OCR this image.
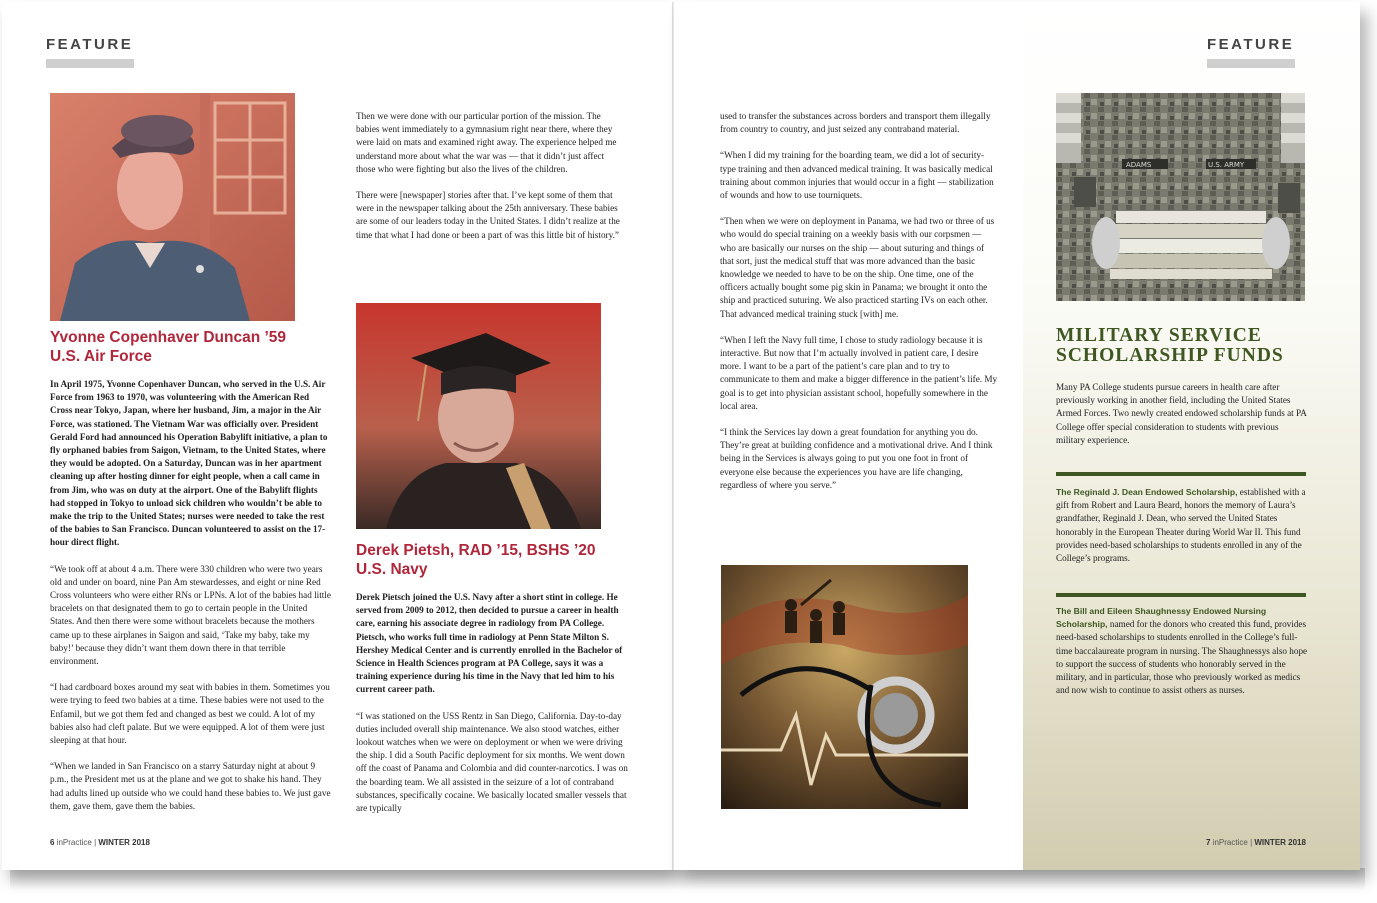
FEATURE
Yvonne Copenhaver Duncan ’59
U.S. Air Force

In April 1975, Yvonne Copenhaver Duncan, who served in the U.S. Air Force from 1963 to 1970, was volunteering with the American Red Cross near Tokyo, Japan, where her husband, Jim, a major in the Air Force, was stationed. The Vietnam War was officially over. President Gerald Ford had announced his Operation Babylift initiative, a plan to fly orphaned babies from Saigon, Vietnam, to the United States, where they would be adopted. On a Saturday, Duncan was in her apartment cleaning up after hosting dinner for eight people, when a call came in from Jim, who was on duty at the airport. One of the Babylift flights had stopped in Tokyo to unload sick children who wouldn’t be able to make the trip to the United States; nurses were needed to take the rest of the babies to San Francisco. Duncan volunteered to assist on the 17-hour direct flight.

“We took off at about 4 a.m. There were 330 children who were two years old and under on board, nine Pan Am stewardesses, and eight or nine Red Cross volunteers who were either RNs or LPNs. A lot of the babies had little bracelets on that designated them to go to certain people in the United States. And then there were some without bracelets because the mothers came up to these airplanes in Saigon and said, ‘Take my baby, take my baby!’ because they didn’t want them down there in that terrible environment.

“I had cardboard boxes around my seat with babies in them. Sometimes you were trying to feed two babies at a time. These babies were not used to the Enfamil, but we got them fed and changed as best we could. A lot of my babies also had cleft palate. But we were equipped. A lot of them were just sleeping at that hour.

“When we landed in San Francisco on a starry Saturday night at about 9 p.m., the President met us at the plane and we got to shake his hand. They had adults lined up outside who we could hand these babies to. We just gave them, gave them, gave them the babies.

Then we were done with our particular portion of the mission. The babies went immediately to a gymnasium right near there, where they were laid on mats and examined right away. The experience helped me understand more about what the war was — that it didn’t just affect those who were fighting but also the lives of the children.

There were [newspaper] stories after that. I’ve kept some of them that were in the newspaper talking about the 25th anniversary. These babies are some of our leaders today in the United States. I didn’t realize at the time that what I had done or been a part of was this little bit of history.”

Derek Pietsh, RAD ’15, BSHS ’20
U.S. Navy

Derek Pietsch joined the U.S. Navy after a short stint in college. He served from 2009 to 2012, then decided to pursue a career in health care, earning his associate degree in radiology from PA College. Pietsch, who works full time in radiology at Penn State Milton S. Hershey Medical Center and is currently enrolled in the Bachelor of Science in Health Sciences program at PA College, says it was a training experience during his time in the Navy that led him to his current career path.

“I was stationed on the USS Rentz in San Diego, California. Day-to-day duties included overall ship maintenance. We also stood watches, either lookout watches when we were on deployment or when we were driving the ship. I did a South Pacific deployment for six months. We went down off the coast of Panama and Colombia and did counter-narcotics. I was on the boarding team. We all assisted in the seizure of a lot of contraband substances, specifically cocaine. We basically located smaller vessels that are typically

6 inPractice | WINTER 2018
FEATURE

used to transfer the substances across borders and transport them illegally from country to country, and just seized any contraband material.

“When I did my training for the boarding team, we did a lot of security-type training and then advanced medical training. It was basically medical training about common injuries that would occur in a fight — stabilization of wounds and how to use tourniquets.

“Then when we were on deployment in Panama, we had two or three of us who would do special training on a weekly basis with our corpsmen — who are basically our nurses on the ship — about suturing and things of that sort, just the medical stuff that was more advanced than the basic knowledge we needed to have to be on the ship. One time, one of the officers actually bought some pig skin in Panama; we brought it onto the ship and practiced suturing. We also practiced starting IVs on each other. That advanced medical training stuck [with] me.

“When I left the Navy full time, I chose to study radiology because it is interactive. But now that I’m actually involved in patient care, I desire more. I want to be a part of the patient’s care plan and to try to communicate to them and make a bigger difference in the patient’s life. My goal is to get into physician assistant school, hopefully somewhere in the local area.

“I think the Services lay down a great foundation for anything you do. They’re great at building confidence and a motivational drive. And I think being in the Services is always going to put you one foot in front of everyone else because the experiences you have are life changing, regardless of where you serve.”

ADAMS	U.S. ARMY
MILITARY SERVICE SCHOLARSHIP FUNDS
Many PA College students pursue careers in health care after previously working in another field, including the United States Armed Forces. Two newly created endowed scholarship funds at PA College offer special consideration to students with previous military experience.
The Reginald J. Dean Endowed Scholarship, established with a gift from Robert and Laura Beard, honors the memory of Laura’s grandfather, Reginald J. Dean, who served the United States honorably in the European Theater during World War II. This fund provides need-based scholarships to students enrolled in any of the College’s programs.
The Bill and Eileen Shaughnessy Endowed Nursing Scholarship, named for the donors who created this fund, provides need-based scholarships to students enrolled in the College’s full-time baccalaureate program in nursing. The Shaughnessys also hope to support the success of students who honorably served in the military, and in particular, those who previously worked as medics and now wish to continue to assist others as nurses.
7 inPractice | WINTER 2018
